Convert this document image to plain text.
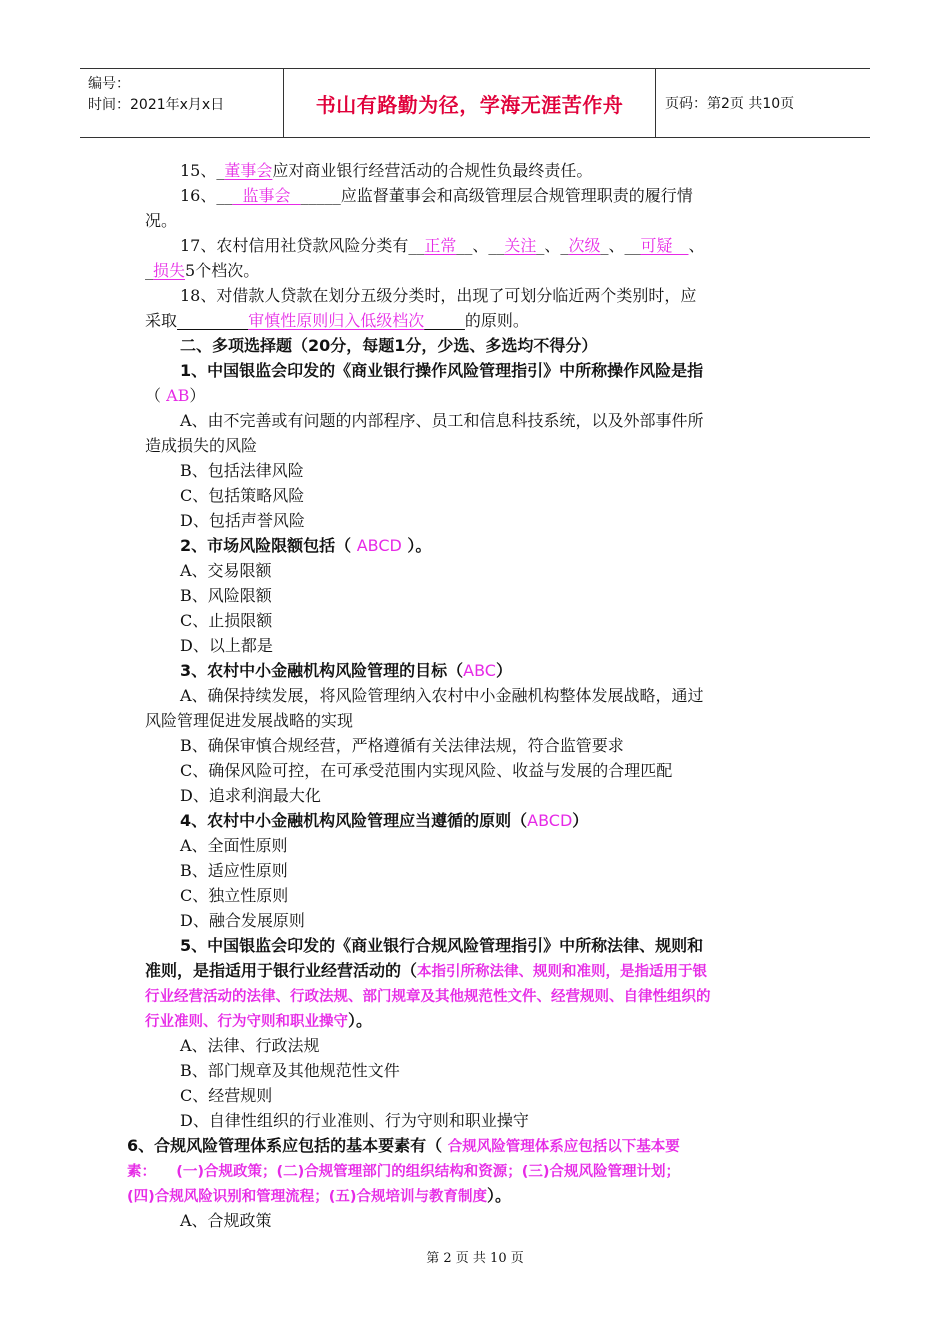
编号：
时间：2021年x月x日	书山有路勤为径，学海无涯苦作舟	页码：第2页 共10页
15、_董事会应对商业银行经营活动的合规性负最终责任。
16、__  监事会  _____应监督董事会和高级管理层合规管理职责的履行情
况。
17、农村信用社贷款风险分类有__正常__、__关注_、_次级_、__可疑__、
_损失5个档次。
18、对借款人贷款在划分五级分类时，出现了可划分临近两个类别时，应
采取	审慎性原则归入低级档次	的原则。
二、多项选择题（20分，每题1分，少选、多选均不得分）
1、中国银监会印发的《商业银行操作风险管理指引》中所称操作风险是指
（ AB）
A、由不完善或有问题的内部程序、员工和信息科技系统，以及外部事件所
造成损失的风险
B、包括法律风险
C、包括策略风险
D、包括声誉风险
2、市场风险限额包括（ ABCD ）。
A、交易限额
B、风险限额
C、止损限额
D、以上都是
3、农村中小金融机构风险管理的目标（ABC）
A、确保持续发展，将风险管理纳入农村中小金融机构整体发展战略，通过
风险管理促进发展战略的实现
B、确保审慎合规经营，严格遵循有关法律法规，符合监管要求
C、确保风险可控，在可承受范围内实现风险、收益与发展的合理匹配
D、追求利润最大化
4、农村中小金融机构风险管理应当遵循的原则（ABCD）
A、全面性原则
B、适应性原则
C、独立性原则
D、融合发展原则
5、中国银监会印发的《商业银行合规风险管理指引》中所称法律、规则和
准则，是指适用于银行业经营活动的（本指引所称法律、规则和准则，是指适用于银
行业经营活动的法律、行政法规、部门规章及其他规范性文件、经营规则、自律性组织的
行业准则、行为守则和职业操守）。
A、法律、行政法规
B、部门规章及其他规范性文件
C、经营规则
D、自律性组织的行业准则、行为守则和职业操守
6、合规风险管理体系应包括的基本要素有（ 合规风险管理体系应包括以下基本要
素：    (一)合规政策；(二)合规管理部门的组织结构和资源；(三)合规风险管理计划；
(四)合规风险识别和管理流程；(五)合规培训与教育制度）。
A、合规政策
第 2 页 共 10 页
